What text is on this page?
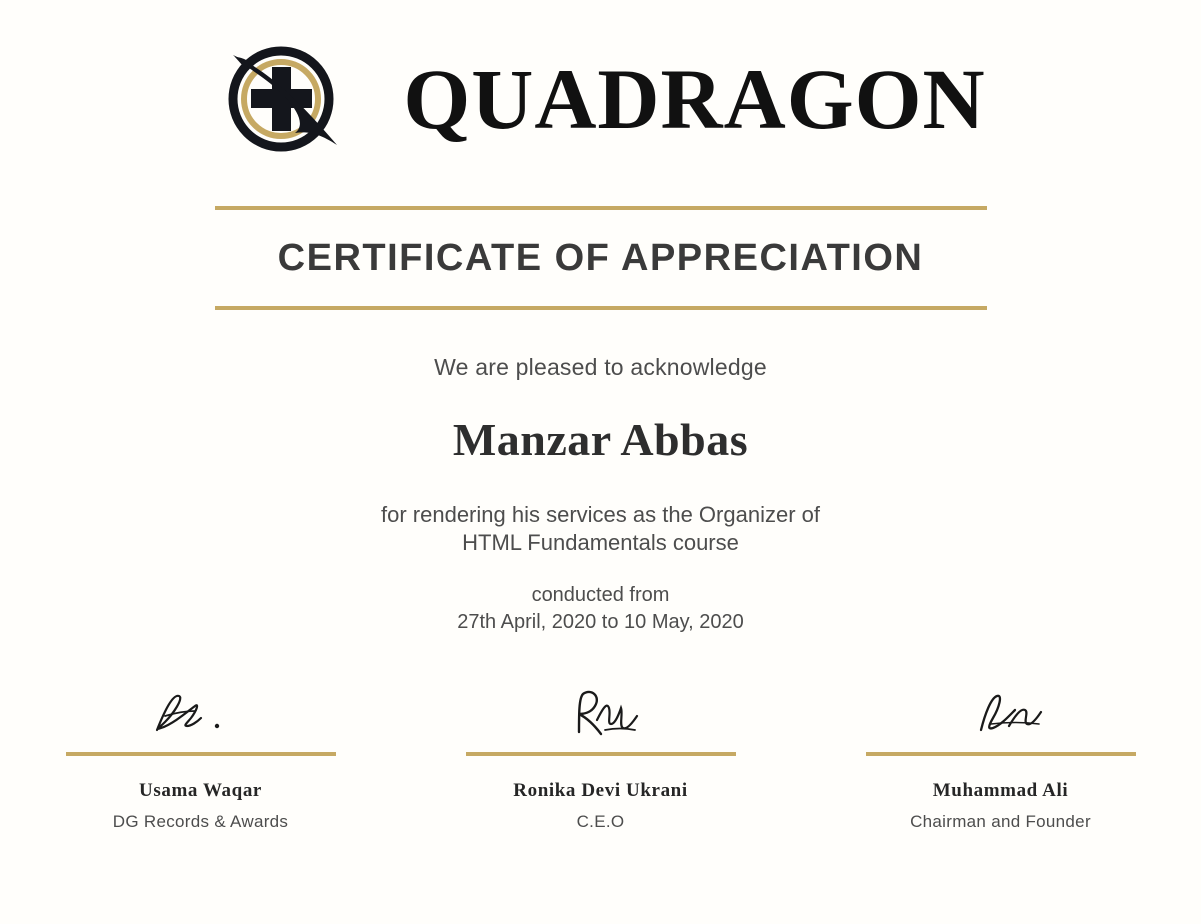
QUADRAGON
CERTIFICATE OF APPRECIATION

We are pleased to acknowledge

Manzar Abbas

for rendering his services as the Organizer of

HTML Fundamentals course

conducted from

27th April, 2020 to 10 May, 2020

Usama Waqar

DG Records & Awards

Ronika Devi Ukrani

C.E.O

Muhammad Ali

Chairman and Founder
